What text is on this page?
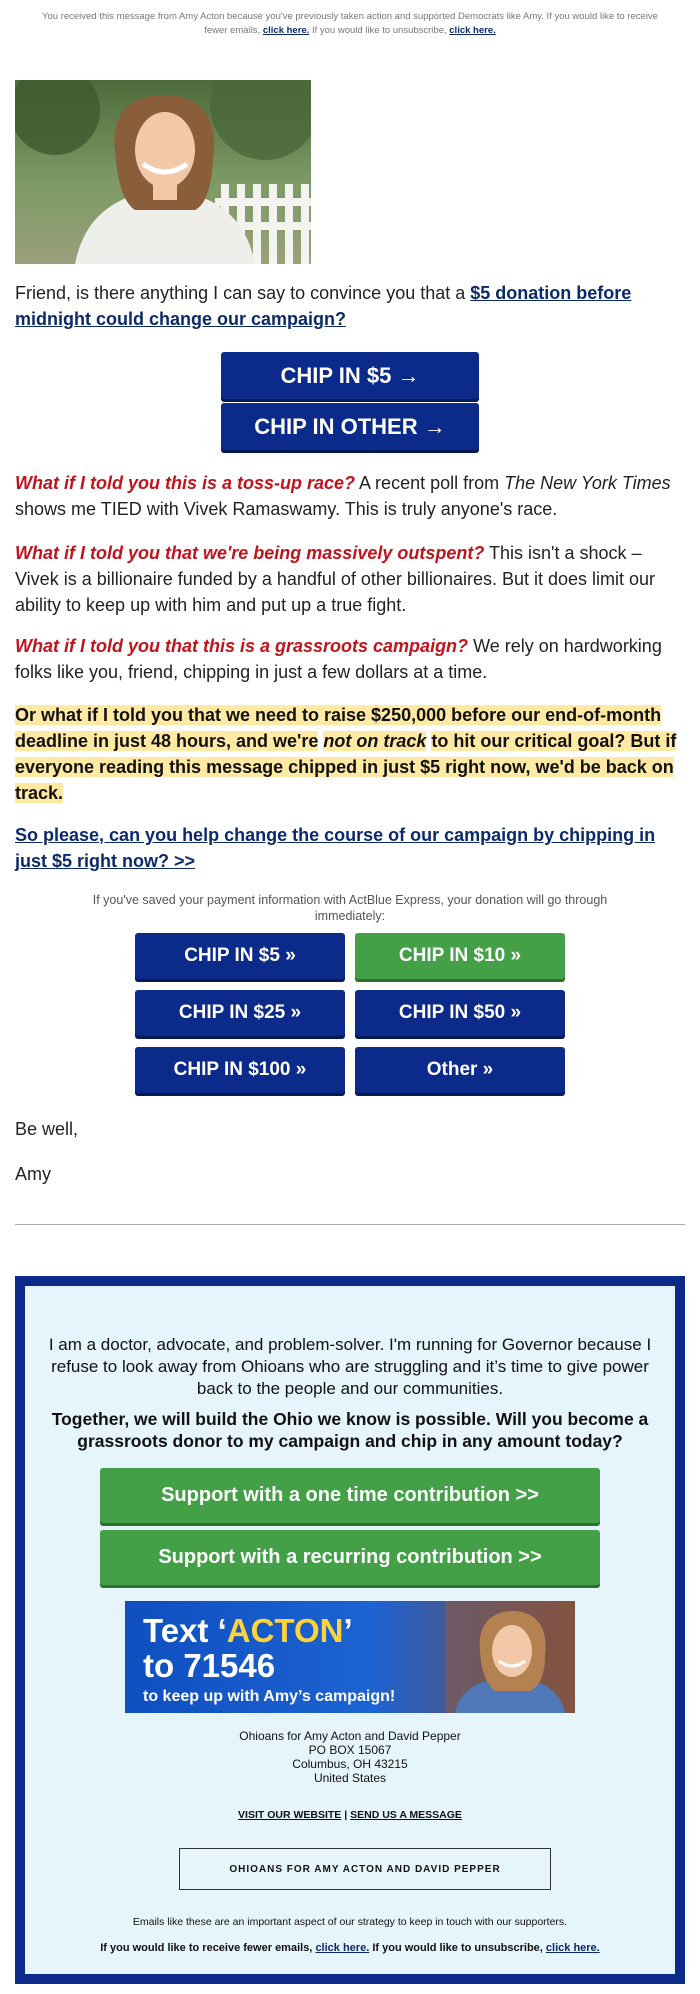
You received this message from Amy Acton because you've previously taken action and supported Democrats like Amy. If you would like to receive fewer emails, click here. If you would like to unsubscribe, click here.

Friend, is there anything I can say to convince you that a $5 donation before midnight could change our campaign?

CHIP IN $5 →
CHIP IN OTHER →

What if I told you this is a toss-up race? A recent poll from The New York Times shows me TIED with Vivek Ramaswamy. This is truly anyone's race.

What if I told you that we're being massively outspent? This isn't a shock – Vivek is a billionaire funded by a handful of other billionaires. But it does limit our ability to keep up with him and put up a true fight.

What if I told you that this is a grassroots campaign? We rely on hardworking folks like you, friend, chipping in just a few dollars at a time.

Or what if I told you that we need to raise $250,000 before our end-of-month deadline in just 48 hours, and we're not on track to hit our critical goal? But if everyone reading this message chipped in just $5 right now, we'd be back on track.

So please, can you help change the course of our campaign by chipping in just $5 right now? >>

If you've saved your payment information with ActBlue Express, your donation will go through immediately:
CHIP IN $5 »	CHIP IN $10 »
CHIP IN $25 »	CHIP IN $50 »
CHIP IN $100 »	Other »

Be well,

Amy

I am a doctor, advocate, and problem-solver. I'm running for Governor because I refuse to look away from Ohioans who are struggling and it’s time to give power back to the people and our communities.
Together, we will build the Ohio we know is possible. Will you become a grassroots donor to my campaign and chip in any amount today?
Support with a one time contribution >>
Support with a recurring contribution >>
Text ‘ACTON’
to 71546
to keep up with Amy’s campaign!
Ohioans for Amy Acton and David Pepper
PO BOX 15067
Columbus, OH 43215
United States
VISIT OUR WEBSITE | SEND US A MESSAGE
OHIOANS FOR AMY ACTON AND DAVID PEPPER
Emails like these are an important aspect of our strategy to keep in touch with our supporters.
If you would like to receive fewer emails, click here. If you would like to unsubscribe, click here.
